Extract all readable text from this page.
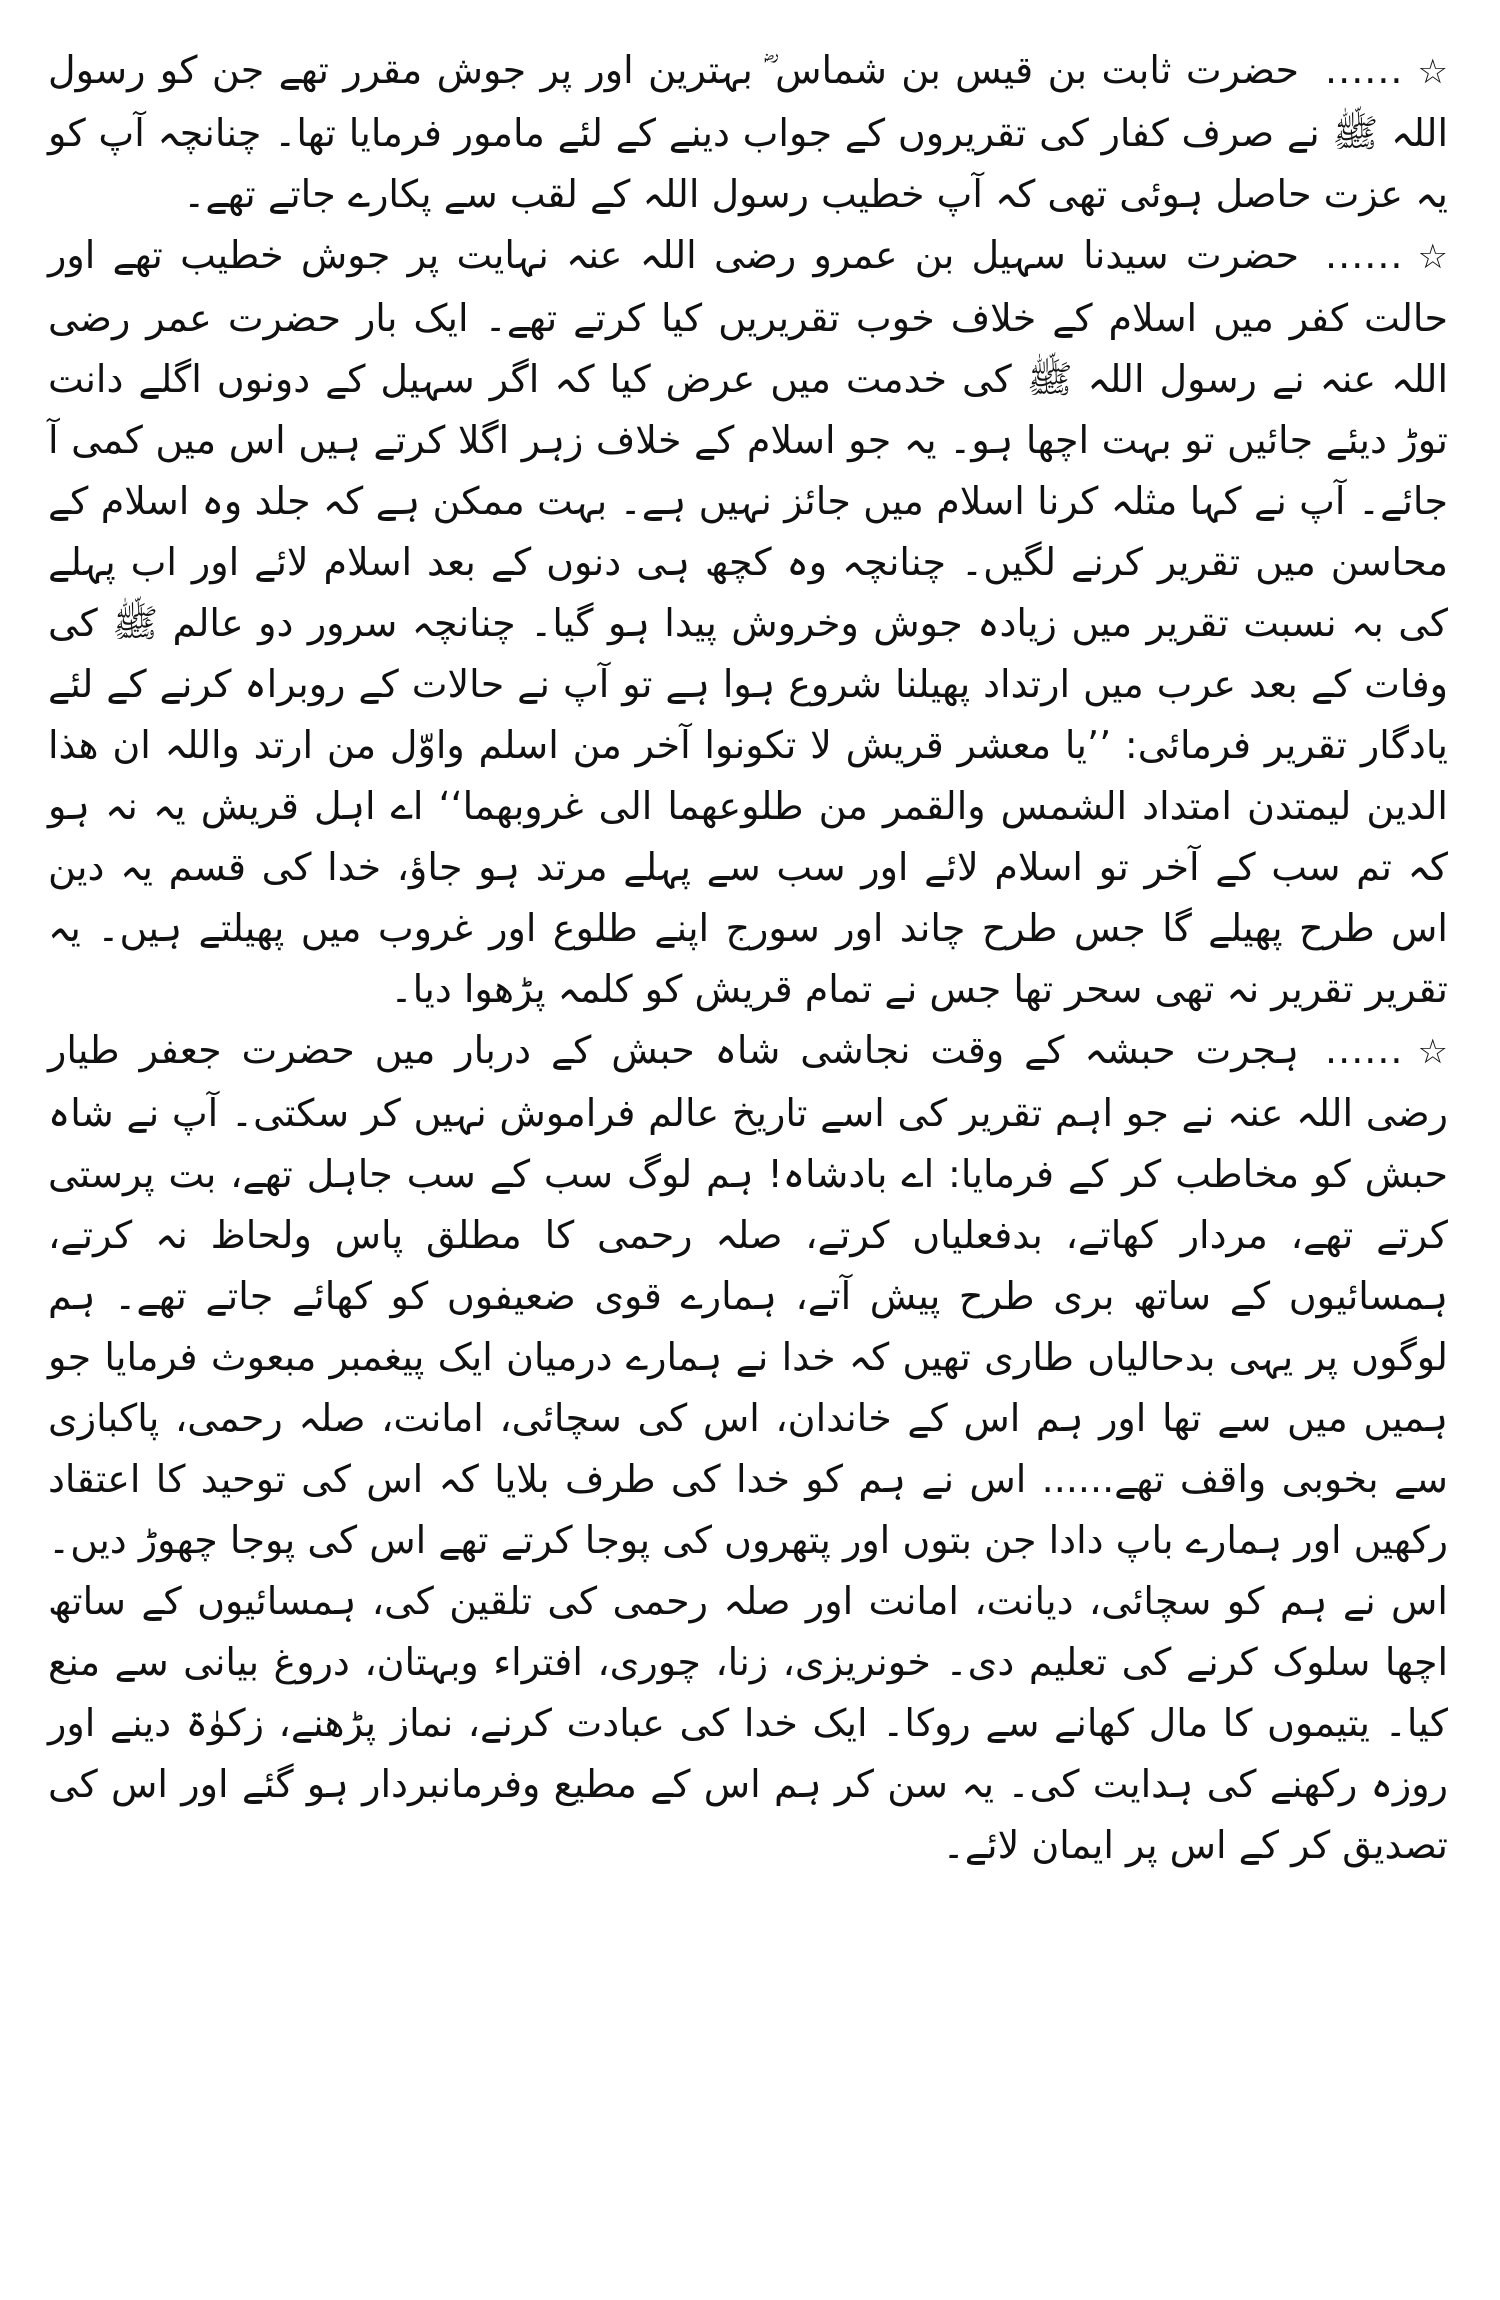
☆......حضرت ثابت بن قیس بن شماس ؓ بہترین اور پر جوش مقرر تھے جن کو رسول اللہ ﷺ نے صرف کفار کی تقریروں کے جواب دینے کے لئے مامور فرمایا تھا۔ چنانچہ آپ کو یہ عزت حاصل ہوئی تھی کہ آپ خطیب رسول اللہ کے لقب سے پکارے جاتے تھے۔

☆......حضرت سیدنا سہیل بن عمرو رضی اللہ عنہ نہایت پر جوش خطیب تھے اور حالت کفر میں اسلام کے خلاف خوب تقریریں کیا کرتے تھے۔ ایک بار حضرت عمر رضی اللہ عنہ نے رسول اللہ ﷺ کی خدمت میں عرض کیا کہ اگر سہیل کے دونوں اگلے دانت توڑ دیئے جائیں تو بہت اچھا ہو۔ یہ جو اسلام کے خلاف زہر اگلا کرتے ہیں اس میں کمی آ جائے۔ آپ نے کہا مثلہ کرنا اسلام میں جائز نہیں ہے۔ بہت ممکن ہے کہ جلد وہ اسلام کے محاسن میں تقریر کرنے لگیں۔ چنانچہ وہ کچھ ہی دنوں کے بعد اسلام لائے اور اب پہلے کی بہ نسبت تقریر میں زیادہ جوش وخروش پیدا ہو گیا۔ چنانچہ سرور دو عالم ﷺ کی وفات کے بعد عرب میں ارتداد پھیلنا شروع ہوا ہے تو آپ نے حالات کے روبراہ کرنے کے لئے یادگار تقریر فرمائی: ’’یا معشر قریش لا تکونوا آخر من اسلم واوّل من ارتد واللہ ان ھذا الدین لیمتدن امتداد الشمس والقمر من طلوعھما الی غروبھما‘‘ اے اہل قریش یہ نہ ہو کہ تم سب کے آخر تو اسلام لائے اور سب سے پہلے مرتد ہو جاؤ، خدا کی قسم یہ دین اس طرح پھیلے گا جس طرح چاند اور سورج اپنے طلوع اور غروب میں پھیلتے ہیں۔ یہ تقریر تقریر نہ تھی سحر تھا جس نے تمام قریش کو کلمہ پڑھوا دیا۔

☆......ہجرت حبشہ کے وقت نجاشی شاہ حبش کے دربار میں حضرت جعفر طیار رضی اللہ عنہ نے جو اہم تقریر کی اسے تاریخ عالم فراموش نہیں کر سکتی۔ آپ نے شاہ حبش کو مخاطب کر کے فرمایا: اے بادشاہ! ہم لوگ سب کے سب جاہل تھے، بت پرستی کرتے تھے، مردار کھاتے، بدفعلیاں کرتے، صلہ رحمی کا مطلق پاس ولحاظ نہ کرتے، ہمسائیوں کے ساتھ بری طرح پیش آتے، ہمارے قوی ضعیفوں کو کھائے جاتے تھے۔ ہم لوگوں پر یہی بدحالیاں طاری تھیں کہ خدا نے ہمارے درمیان ایک پیغمبر مبعوث فرمایا جو ہمیں میں سے تھا اور ہم اس کے خاندان، اس کی سچائی، امانت، صلہ رحمی، پاکبازی سے بخوبی واقف تھے...... اس نے ہم کو خدا کی طرف بلایا کہ اس کی توحید کا اعتقاد رکھیں اور ہمارے باپ دادا جن بتوں اور پتھروں کی پوجا کرتے تھے اس کی پوجا چھوڑ دیں۔ اس نے ہم کو سچائی، دیانت، امانت اور صلہ رحمی کی تلقین کی، ہمسائیوں کے ساتھ اچھا سلوک کرنے کی تعلیم دی۔ خونریزی، زنا، چوری، افتراء وبہتان، دروغ بیانی سے منع کیا۔ یتیموں کا مال کھانے سے روکا۔ ایک خدا کی عبادت کرنے، نماز پڑھنے، زکوٰۃ دینے اور روزہ رکھنے کی ہدایت کی۔ یہ سن کر ہم اس کے مطیع وفرمانبردار ہو گئے اور اس کی تصدیق کر کے اس پر ایمان لائے۔
